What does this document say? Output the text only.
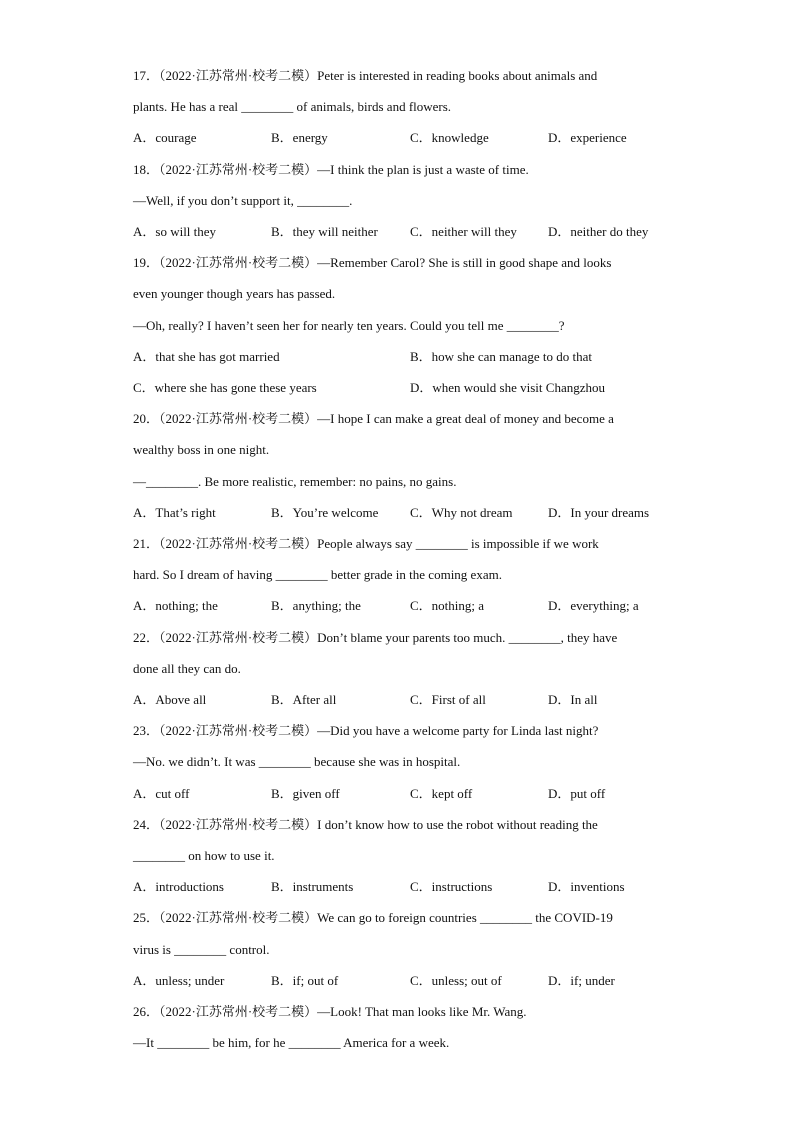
17．（2022·江苏常州·校考二模）Peter is interested in reading books about animals and
plants. He has a real ________ of animals, birds and flowers.
A．courage	B．energy	C．knowledge	D．experience
18．（2022·江苏常州·校考二模）—I think the plan is just a waste of time.
—Well, if you don’t support it, ________.
A．so will they	B．they will neither C．neither will they D．neither do they
19．（2022·江苏常州·校考二模）—Remember Carol? She is still in good shape and looks
even younger though years has passed.
—Oh, really? I haven’t seen her for nearly ten years. Could you tell me ________?
A．that she has got married	B．how she can manage to do that
C．where she has gone these years	D．when would she visit Changzhou
20．（2022·江苏常州·校考二模）—I hope I can make a great deal of money and become a
wealthy boss in one night.
—________. Be more realistic, remember: no pains, no gains.
A．That’s right	B．You’re welcome C．Why not dream	D．In your dreams
21．（2022·江苏常州·校考二模）People always say ________ is impossible if we work
hard. So I dream of having ________ better grade in the coming exam.
A．nothing; the	B．anything; the	C．nothing; a	D．everything; a
22．（2022·江苏常州·校考二模）Don’t blame your parents too much. ________, they have
done all they can do.
A．Above all	B．After all	C．First of all	D．In all
23．（2022·江苏常州·校考二模）—Did you have a welcome party for Linda last night?
—No. we didn’t. It was ________ because she was in hospital.
A．cut off	B．given off	C．kept off	D．put off
24．（2022·江苏常州·校考二模）I don’t know how to use the robot without reading the
________ on how to use it.
A．introductions	B．instruments	C．instructions	D．inventions
25．（2022·江苏常州·校考二模）We can go to foreign countries ________ the COVID-19
virus is ________ control.
A．unless; under	B．if; out of	C．unless; out of	D．if; under
26．（2022·江苏常州·校考二模）—Look! That man looks like Mr. Wang.
—It ________ be him, for he ________ America for a week.
